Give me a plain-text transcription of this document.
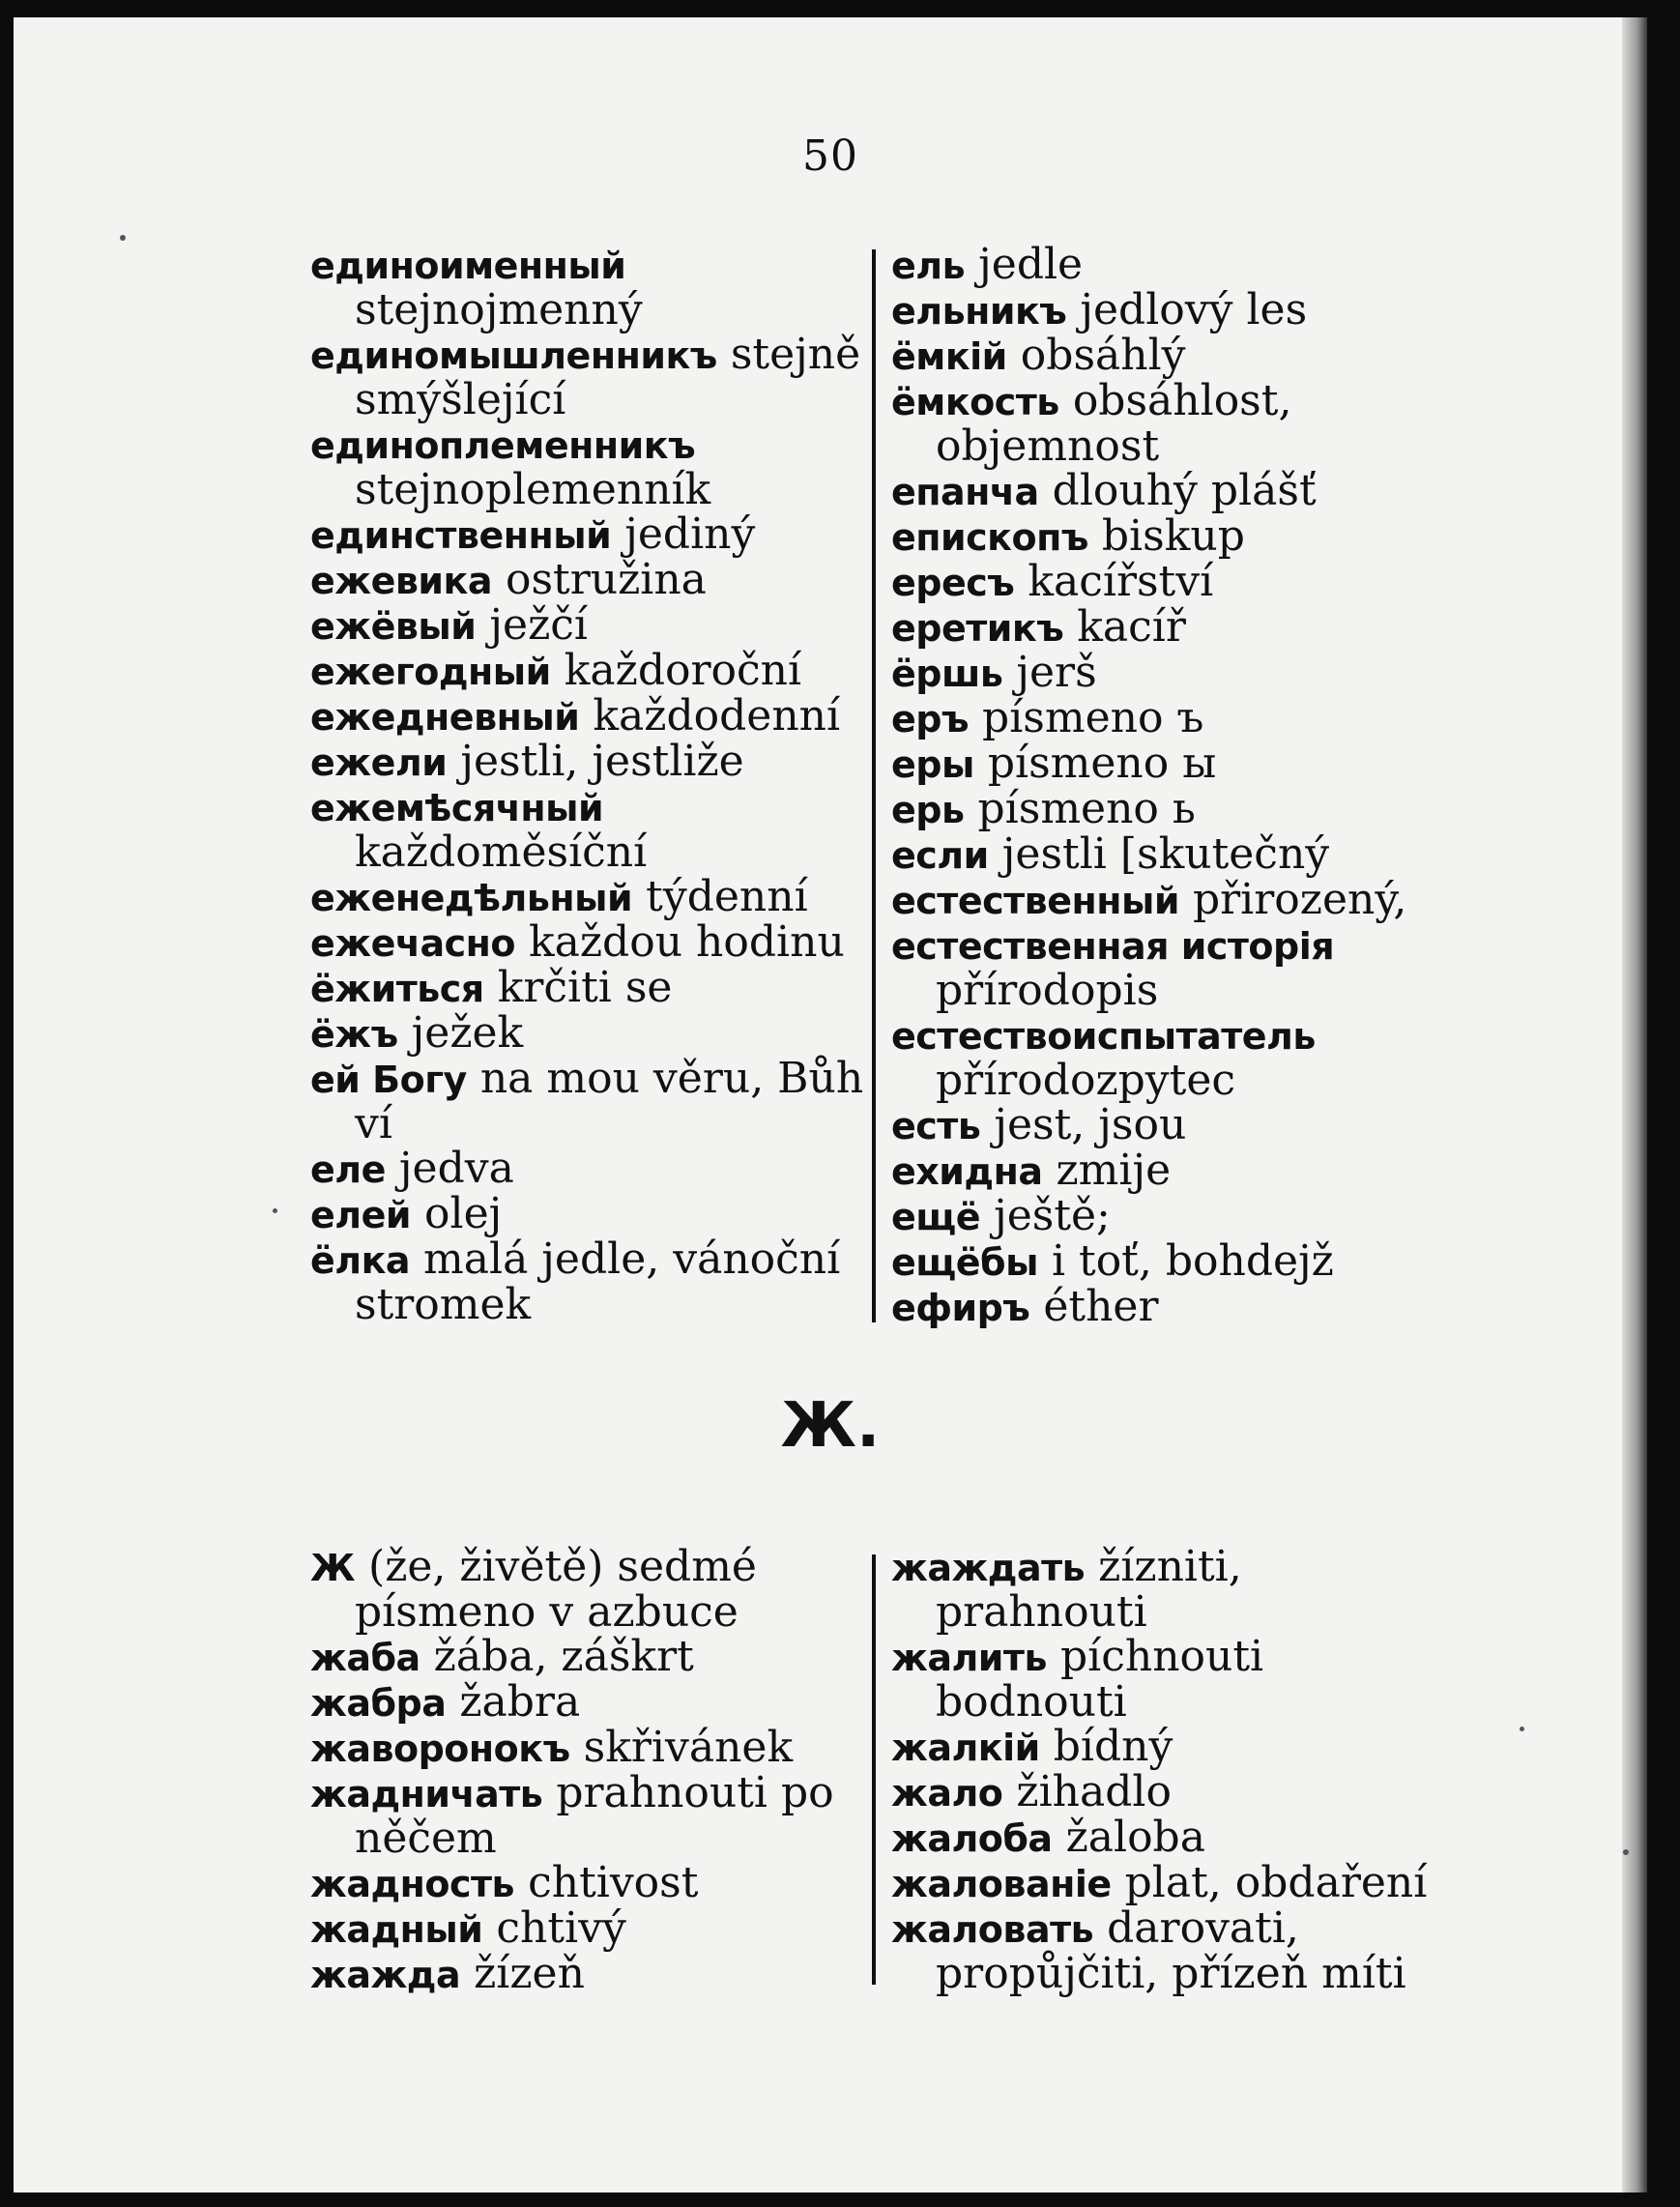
50

единоименный stejnojmenný

единомышленникъ stejně smýšlející

единоплеменникъ stejnoplemenník

единственный jediný

ежевика ostružina

ежёвый ježčí

ежегодный každoroční

ежедневный každodenní

ежели jestli, jestliže

ежемѣсячный každoměsíční

еженедѣльный týdenní

ежечасно každou hodinu

ёжиться krčiti se

ёжъ ježek

ей Богу na mou věru, Bůh ví

еле jedva

елей olej

ёлка malá jedle, vánoční stromek

ель jedle

ельникъ jedlový les

ёмкій obsáhlý

ёмкость obsáhlost, objemnost

епанча dlouhý plášť

епископъ biskup

ересъ kacířství

еретикъ kacíř

ёршь jerš

еръ písmeno ъ

еры písmeno ы

ерь písmeno ь

если jestli [skutečný

естественный přirozený,

естественная исторія přírodopis

естествоиспытатель přírodozpytec

есть jest, jsou

ехидна zmije

ещё ještě;

ещёбы i toť, bohdejž

ефиръ éther

Ж.

Ж (že, živětě) sedmé písmeno v azbuce

жаба žába, záškrt

жабра žabra

жаворонокъ skřivánek

жадничать prahnouti po něčem

жадность chtivost

жадный chtivý

жажда žízeň

жаждать žízniti, prahnouti

жалить píchnouti bodnouti

жалкій bídný

жало žihadlo

жалоба žaloba

жалованіе plat, obdaření

жаловать darovati, propůjčiti, přízeň míti
